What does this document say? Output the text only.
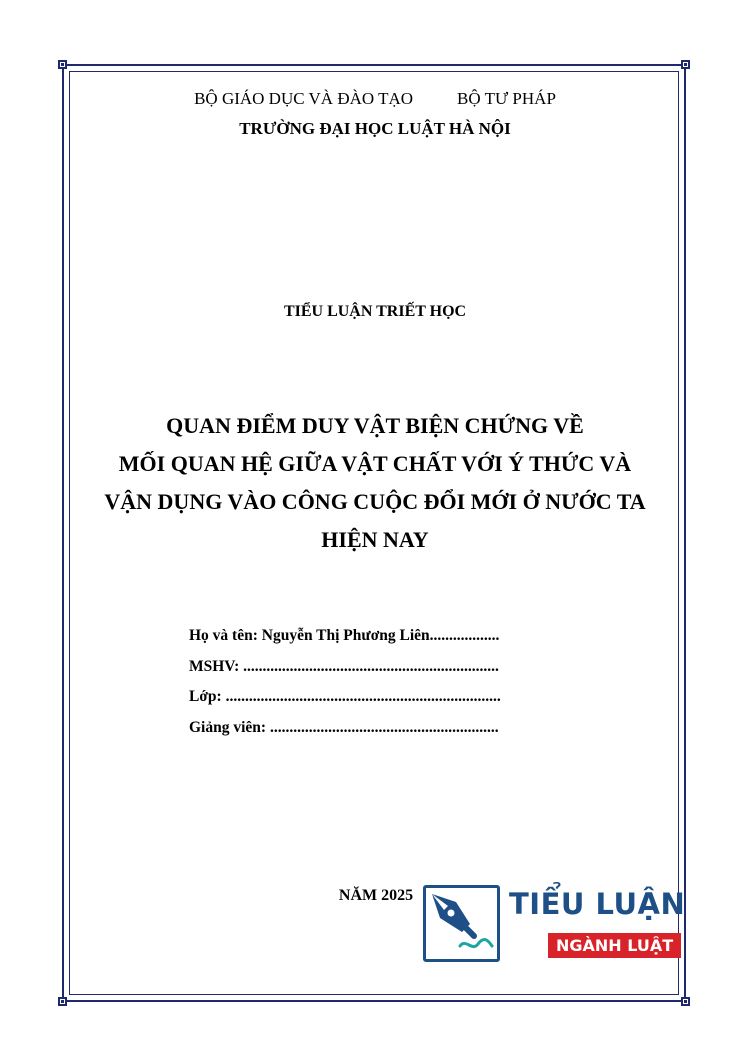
BỘ GIÁO DỤC VÀ ĐÀO TẠO	BỘ TƯ PHÁP
TRƯỜNG ĐẠI HỌC LUẬT HÀ NỘI
TIỂU LUẬN TRIẾT HỌC
QUAN ĐIỂM DUY VẬT BIỆN CHỨNG VỀ
MỐI QUAN HỆ GIỮA VẬT CHẤT VỚI Ý THỨC VÀ
VẬN DỤNG VÀO CÔNG CUỘC ĐỔI MỚI Ở NƯỚC TA
HIỆN NAY
Họ và tên: Nguyễn Thị Phương Liên..................
MSHV: ..................................................................
Lớp: .......................................................................
Giảng viên: ...........................................................
NĂM 2025	TIỂU LUẬN
NGÀNH LUẬT
